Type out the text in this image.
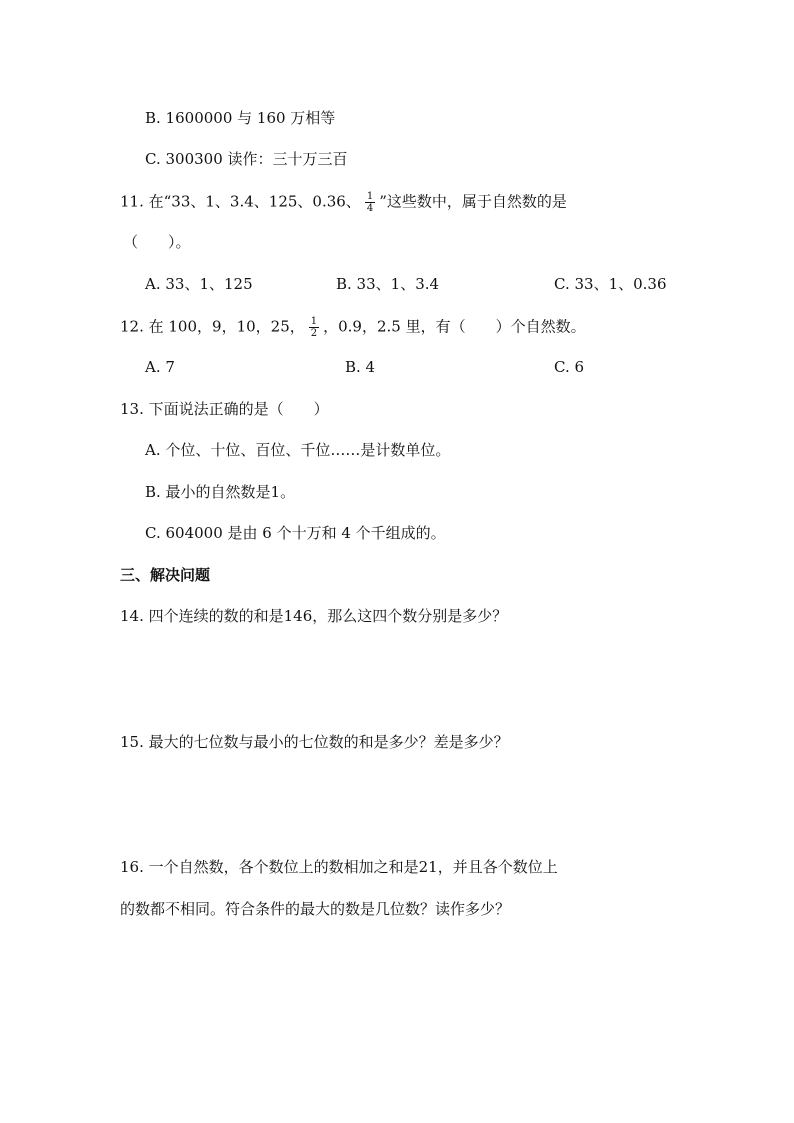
B. 1600000 与 160 万相等
C. 300300 读作：三十万三百
11. 在“33、1、3.4、125、0.36、 $\frac{1}{4}$ ”这些数中，属于自然数的是
（　　）。
A. 33、1、125	B. 33、1、3.4	C. 33、1、0.36
12. 在 100，9，10，25， $\frac{1}{2}$ ，0.9，2.5 里，有（　　）个自然数。
A. 7	B. 4	C. 6
13. 下面说法正确的是（　　）
A. 个位、十位、百位、千位……是计数单位。
B. 最小的自然数是1。
C. 604000 是由 6 个十万和 4 个千组成的。
三、解决问题
14. 四个连续的数的和是146，那么这四个数分别是多少？
15. 最大的七位数与最小的七位数的和是多少？差是多少？
16. 一个自然数，各个数位上的数相加之和是21，并且各个数位上
的数都不相同。符合条件的最大的数是几位数？读作多少？
